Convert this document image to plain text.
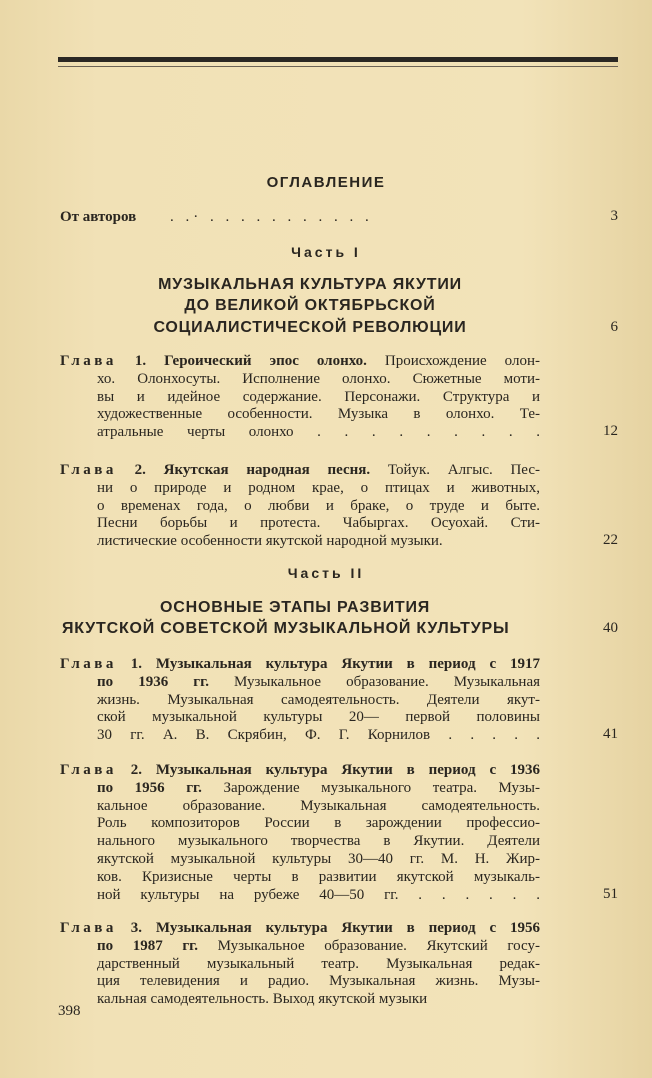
ОГЛАВЛЕНИЕ
От авторов . .· . . . . . . . . . . .	3
Часть I
МУЗЫКАЛЬНАЯ КУЛЬТУРА ЯКУТИИ
ДО ВЕЛИКОЙ ОКТЯБРЬСКОЙ
СОЦИАЛИСТИЧЕСКОЙ РЕВОЛЮЦИИ	6
Глава 1. Героический эпос олонхо. Происхождение олон-
хо. Олонхосуты. Исполнение олонхо. Сюжетные моти-
вы и идейное содержание. Персонажи. Структура и
художественные особенности. Музыка в олонхо. Те-
атральные черты олонхо . . . . . . . . .	12
Глава 2. Якутская народная песня. Тойук. Алгыс. Пес-
ни о природе и родном крае, о птицах и животных,
о временах года, о любви и браке, о труде и быте.
Песни борьбы и протеста. Чабыргах. Осуохай. Сти-
листические особенности якутской народной музыки.	22
Часть II
ОСНОВНЫЕ ЭТАПЫ РАЗВИТИЯ
ЯКУТСКОЙ СОВЕТСКОЙ МУЗЫКАЛЬНОЙ КУЛЬТУРЫ	40
Глава 1. Музыкальная культура Якутии в период с 1917
по 1936 гг. Музыкальное образование. Музыкальная
жизнь. Музыкальная самодеятельность. Деятели якут-
ской музыкальной культуры 20— первой половины
30 гг. А. В. Скрябин, Ф. Г. Корнилов . . . . .	41
Глава 2. Музыкальная культура Якутии в период с 1936
по 1956 гг. Зарождение музыкального театра. Музы-
кальное образование. Музыкальная самодеятельность.
Роль композиторов России в зарождении профессио-
нального музыкального творчества в Якутии. Деятели
якутской музыкальной культуры 30—40 гг. М. Н. Жир-
ков. Кризисные черты в развитии якутской музыкаль-
ной культуры на рубеже 40—50 гг. . . . . . .	51
Глава 3. Музыкальная культура Якутии в период с 1956
по 1987 гг. Музыкальное образование. Якутский госу-
дарственный музыкальный театр. Музыкальная редак-
ция телевидения и радио. Музыкальная жизнь. Музы-
кальная самодеятельность. Выход якутской музыки
398
